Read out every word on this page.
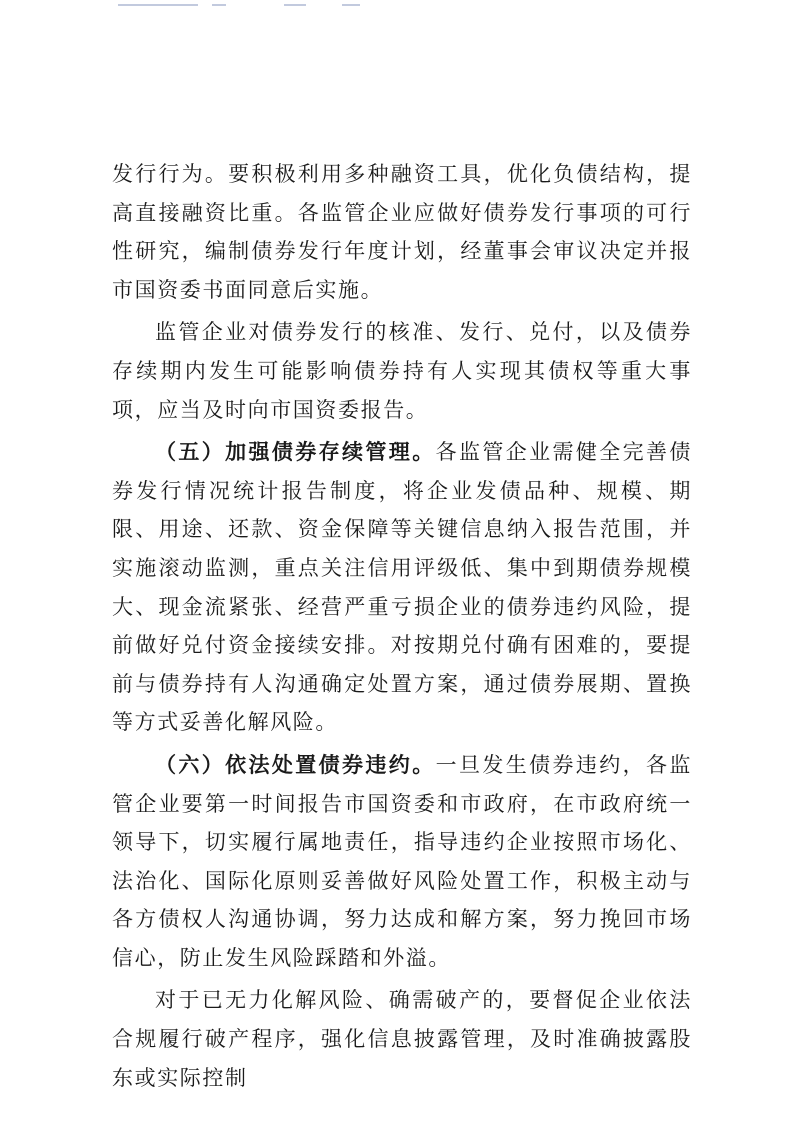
发行行为。要积极利用多种融资工具，优化负债结构，提高直接融资比重。各监管企业应做好债券发行事项的可行性研究，编制债券发行年度计划，经董事会审议决定并报市国资委书面同意后实施。

监管企业对债券发行的核准、发行、兑付，以及债券存续期内发生可能影响债券持有人实现其债权等重大事项，应当及时向市国资委报告。

（五）加强债券存续管理。各监管企业需健全完善债券发行情况统计报告制度，将企业发债品种、规模、期限、用途、还款、资金保障等关键信息纳入报告范围，并实施滚动监测，重点关注信用评级低、集中到期债券规模大、现金流紧张、经营严重亏损企业的债券违约风险，提前做好兑付资金接续安排。对按期兑付确有困难的，要提前与债券持有人沟通确定处置方案，通过债券展期、置换等方式妥善化解风险。

（六）依法处置债券违约。一旦发生债券违约，各监管企业要第一时间报告市国资委和市政府，在市政府统一领导下，切实履行属地责任，指导违约企业按照市场化、法治化、国际化原则妥善做好风险处置工作，积极主动与各方债权人沟通协调，努力达成和解方案，努力挽回市场信心，防止发生风险踩踏和外溢。

对于已无力化解风险、确需破产的，要督促企业依法合规履行破产程序，强化信息披露管理，及时准确披露股东或实际控制
